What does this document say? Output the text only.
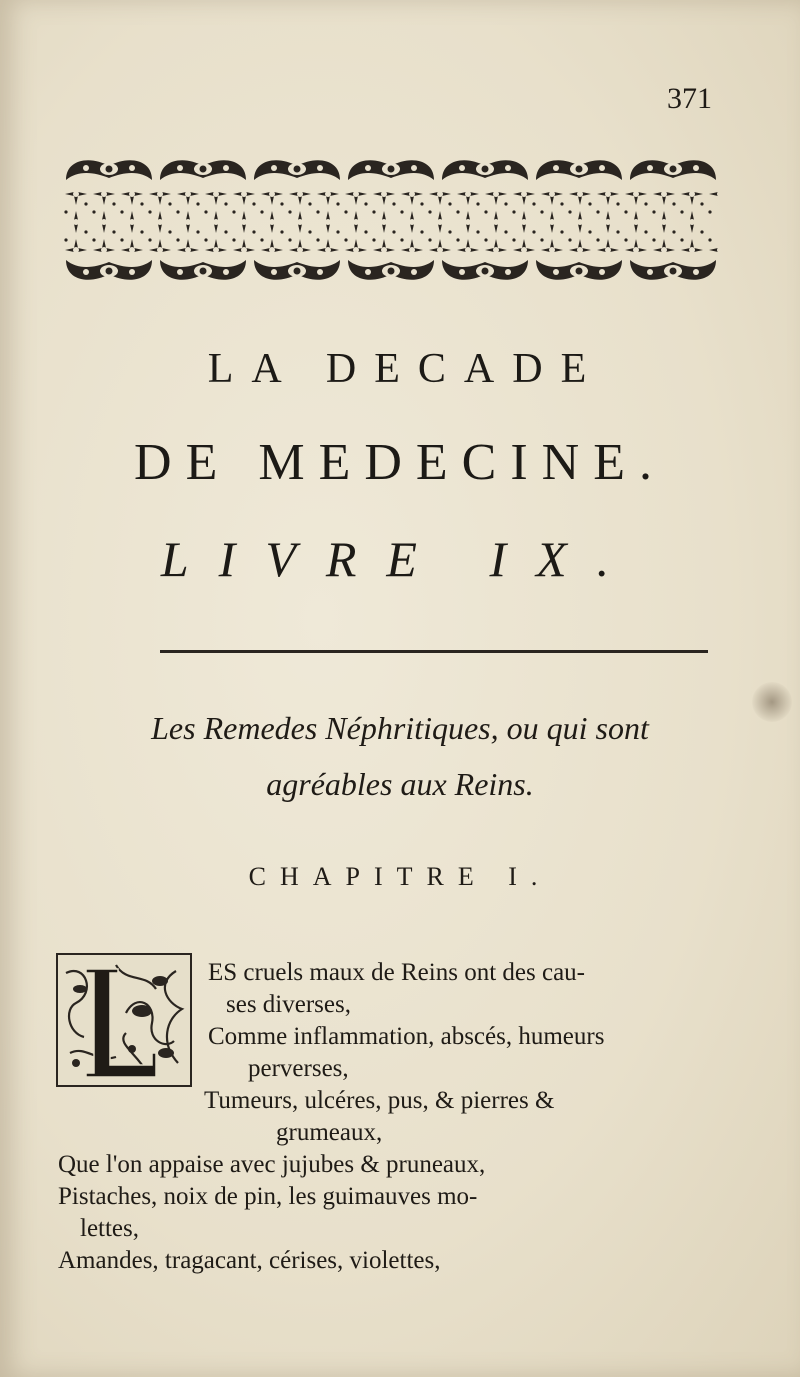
371
LA DECADE
DE MEDECINE.
LIVRE IX.
Les Remedes Néphritiques, ou qui sont
agréables aux Reins.
CHAPITRE I.
ES cruels maux de Reins ont des cau-
ses diverses,
Comme inflammation, abscés, humeurs
perverses,
Tumeurs, ulcéres, pus, & pierres &
grumeaux,
Que l'on appaise avec jujubes & pruneaux,
Pistaches, noix de pin, les guimauves mo-
lettes,
Amandes, tragacant, cérises, violettes,
